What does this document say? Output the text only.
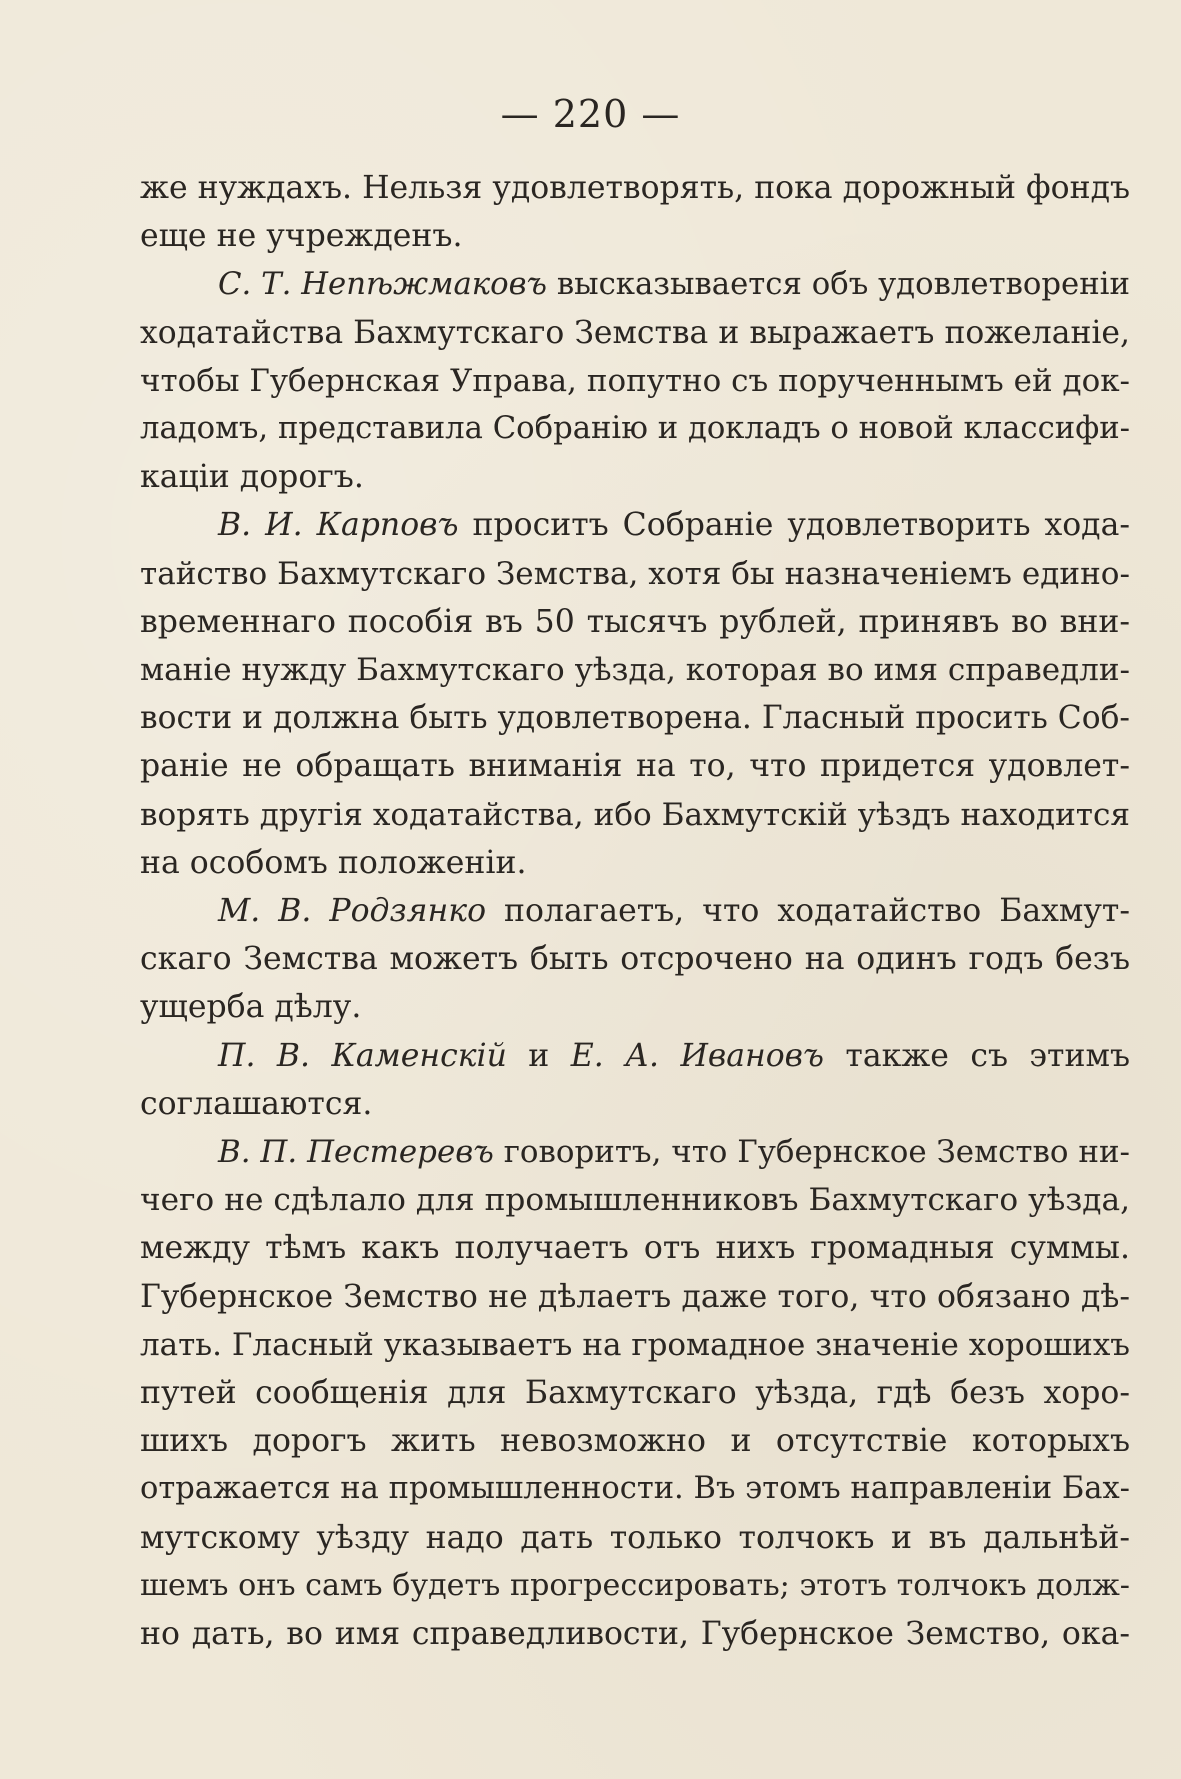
— 220 —
же нуждахъ. Нельзя удовлетворять, пока дорожный фондъ
еще не учрежденъ.
С. Т. Непѣжмаковъ высказывается объ удовлетвореніи
ходатайства Бахмутскаго Земства и выражаетъ пожеланіе,
чтобы Губернская Управа, попутно съ порученнымъ ей док-
ладомъ, представила Собранію и докладъ о новой классифи-
каціи дорогъ.
В. И. Карповъ проситъ Собраніе удовлетворить хода-
тайство Бахмутскаго Земства, хотя бы назначеніемъ едино-
временнаго пособія въ 50 тысячъ рублей, принявъ во вни-
маніе нужду Бахмутскаго уѣзда, которая во имя справедли-
вости и должна быть удовлетворена. Гласный просить Соб-
раніе не обращать вниманія на то, что придется удовлет-
ворять другія ходатайства, ибо Бахмутскій уѣздъ находится
на особомъ положеніи.
М. В. Родзянко полагаетъ, что ходатайство Бахмут-
скаго Земства можетъ быть отсрочено на одинъ годъ безъ
ущерба дѣлу.
П. В. Каменскій и Е. А. Ивановъ также съ этимъ
соглашаются.
В. П. Пестеревъ говоритъ, что Губернское Земство ни-
чего не сдѣлало для промышленниковъ Бахмутскаго уѣзда,
между тѣмъ какъ получаетъ отъ нихъ громадныя суммы.
Губернское Земство не дѣлаетъ даже того, что обязано дѣ-
лать. Гласный указываетъ на громадное значеніе хорошихъ
путей сообщенія для Бахмутскаго уѣзда, гдѣ безъ хоро-
шихъ дорогъ жить невозможно и отсутствіе которыхъ
отражается на промышленности. Въ этомъ направленіи Бах-
мутскому уѣзду надо дать только толчокъ и въ дальнѣй-
шемъ онъ самъ будетъ прогрессировать; этотъ толчокъ долж-
но дать, во имя справедливости, Губернское Земство, ока-
